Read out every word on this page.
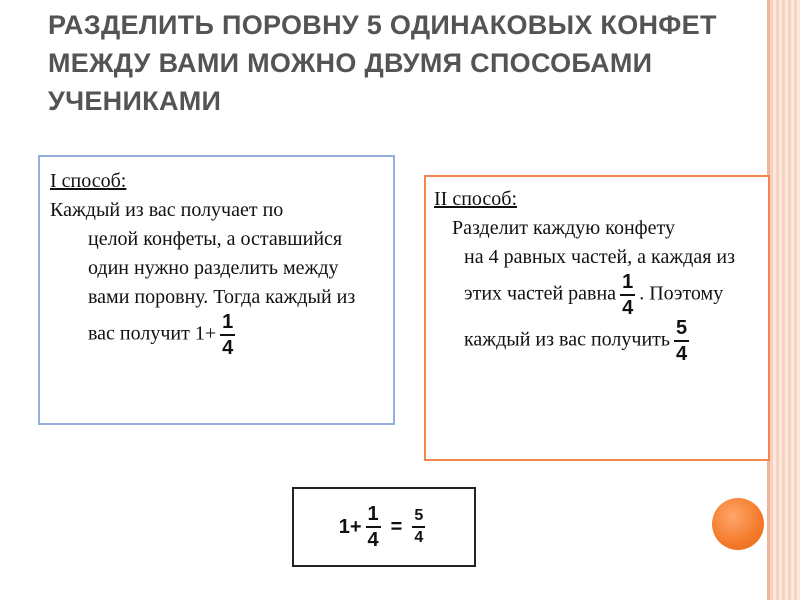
РАЗДЕЛИТЬ ПОРОВНУ 5 ОДИНАКОВЫХ КОНФЕТ МЕЖДУ ВАМИ МОЖНО ДВУМЯ СПОСОБАМИ УЧЕНИКАМИ
I способ:
Каждый из вас получает по
целой конфеты, а оставшийся один нужно разделить между вами поровну. Тогда каждый из вас получит $1+ \frac{1}{4}$
II способ:
Разделит каждую конфету
на 4 равных частей, а каждая из этих частей равна $\frac{1}{4}$ . Поэтому каждый из вас получить $\frac{5}{4}$
$1+ \frac{1}{4} = \frac{5}{4}$
